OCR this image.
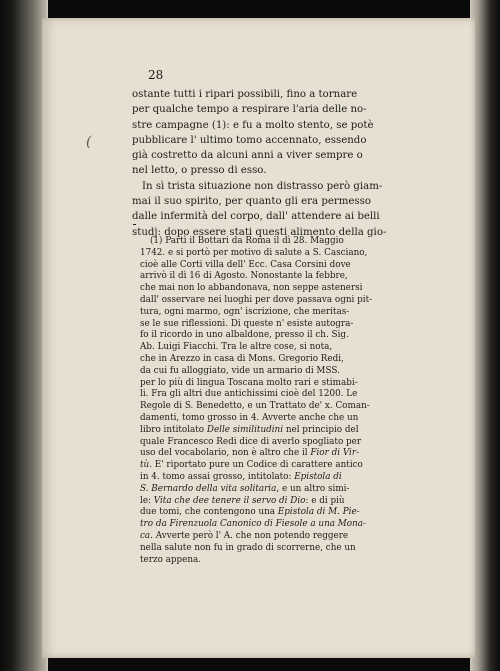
(

28

ostante tutti i ripari possibili, fino a tornare
per qualche tempo a respirare l'aria delle no-
stre campagne (1): e fu a molto stento, se potè
pubblicare l' ultimo tomo accennato, essendo
già costretto da alcuni anni a viver sempre o
nel letto, o presso di esso.
In sì trista situazione non distrasso però giam-
mai il suo spirito, per quanto gli era permesso
dalle infermità del corpo, dall' attendere ai belli
studj: dopo essere stati questi alimento della gio-

(1) Partì il Bottari da Roma il dì 28. Maggio
1742. e si portò per motivo di salute a S. Casciano,
cioè alle Corti villa dell' Ecc. Casa Corsini dove
arrivò il dì 16 di Agosto. Nonostante la febbre,
che mai non lo abbandonava, non seppe astenersi
dall' osservare nei luoghi per dove passava ogni pit-
tura, ogni marmo, ogn' iscrizione, che meritas-
se le sue riflessioni. Di queste n' esiste autogra-
fo il ricordo in uno albaldone, presso il ch. Sig.
Ab. Luigi Fiacchi. Tra le altre cose, si nota,
che in Arezzo in casa di Mons. Gregorio Redi,
da cui fu alloggiato, vide un armario di MSS.
per lo più di lingua Toscana molto rari e stimabi-
li. Fra gli altri due antichissimi cioè del 1200. Le
Regole di S. Benedetto, e un Trattato de' x. Coman-
damenti, tomo grosso in 4. Avverte anche che un
libro intitolato Delle similitudini nel principio del
quale Francesco Redi dice di averlo spogliato per
uso del vocabolario, non è altro che il Fior di Vir-
tù. E' riportato pure un Codice di carattere antico
in 4. tomo assai grosso, intitolato: Epistola di
S. Bernardo della vita solitaria, e un altro simi-
le: Vita che dee tenere il servo di Dio: e di più
due tomi, che contengono una Epistola di M. Pie-
tro da Firenzuola Canonico di Fiesole a una Mona-
ca. Avverte però l' A. che non potendo reggere
nella salute non fu in grado di scorrerne, che un
terzo appena.
